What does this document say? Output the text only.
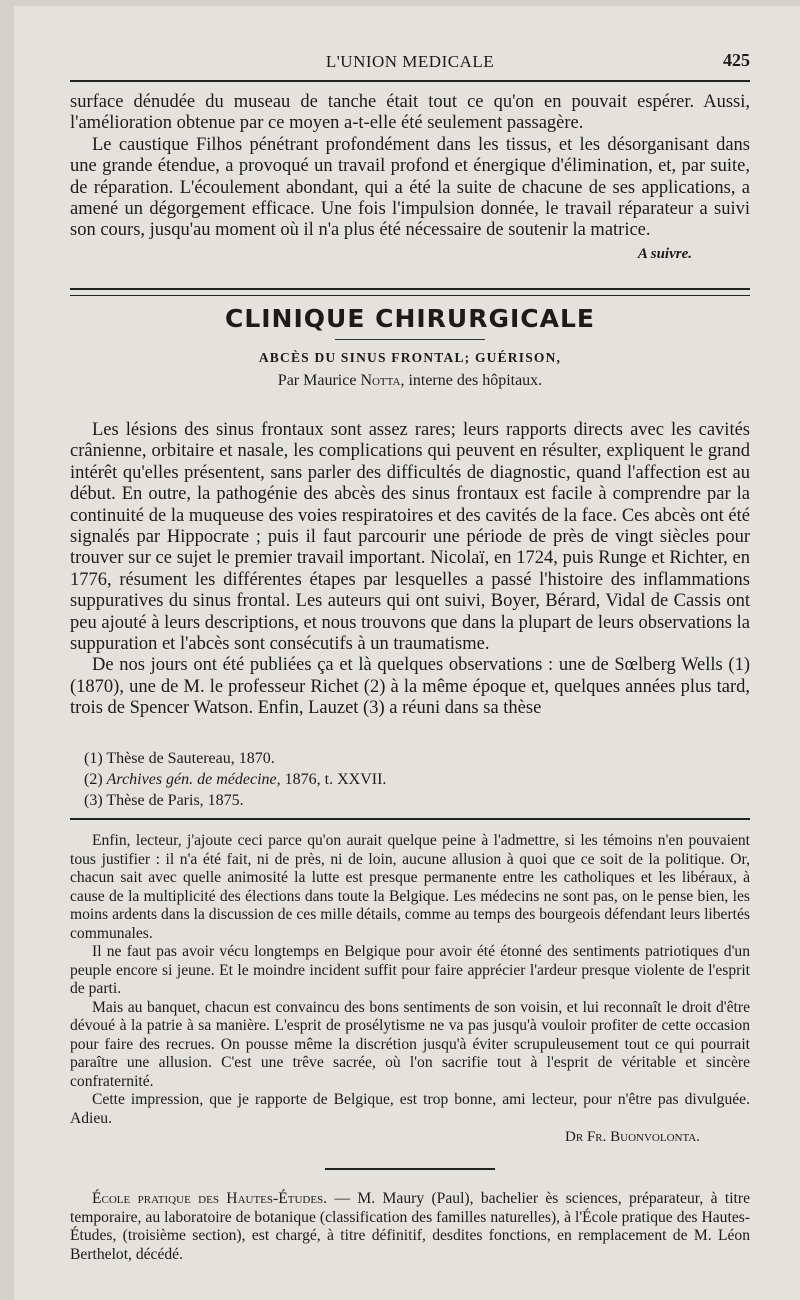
L'UNION MEDICALE	425

surface dénudée du museau de tanche était tout ce qu'on en pouvait espérer. Aussi, l'amélioration obtenue par ce moyen a-t-elle été seulement passagère.

Le caustique Filhos pénétrant profondément dans les tissus, et les désorganisant dans une grande étendue, a provoqué un travail profond et énergique d'élimination, et, par suite, de réparation. L'écoulement abondant, qui a été la suite de chacune de ses applications, a amené un dégorgement efficace. Une fois l'impulsion donnée, le travail réparateur a suivi son cours, jusqu'au moment où il n'a plus été nécessaire de soutenir la matrice.

A suivre.
CLINIQUE CHIRURGICALE
ABCÈS DU SINUS FRONTAL; GUÉRISON,
Par Maurice Notta, interne des hôpitaux.

Les lésions des sinus frontaux sont assez rares; leurs rapports directs avec les cavités crânienne, orbitaire et nasale, les complications qui peuvent en résulter, expliquent le grand intérêt qu'elles présentent, sans parler des difficultés de diagnostic, quand l'affection est au début. En outre, la pathogénie des abcès des sinus frontaux est facile à comprendre par la continuité de la muqueuse des voies respiratoires et des cavités de la face. Ces abcès ont été signalés par Hippocrate ; puis il faut parcourir une période de près de vingt siècles pour trouver sur ce sujet le premier travail important. Nicolaï, en 1724, puis Runge et Richter, en 1776, résument les différentes étapes par lesquelles a passé l'histoire des inflammations suppuratives du sinus frontal. Les auteurs qui ont suivi, Boyer, Bérard, Vidal de Cassis ont peu ajouté à leurs descriptions, et nous trouvons que dans la plupart de leurs observations la suppuration et l'abcès sont consécutifs à un traumatisme.

De nos jours ont été publiées ça et là quelques observations : une de Sœlberg Wells (1) (1870), une de M. le professeur Richet (2) à la même époque et, quelques années plus tard, trois de Spencer Watson. Enfin, Lauzet (3) a réuni dans sa thèse

(1) Thèse de Sautereau, 1870.
(2) Archives gén. de médecine, 1876, t. XXVII.
(3) Thèse de Paris, 1875.

Enfin, lecteur, j'ajoute ceci parce qu'on aurait quelque peine à l'admettre, si les témoins n'en pouvaient tous justifier : il n'a été fait, ni de près, ni de loin, aucune allusion à quoi que ce soit de la politique. Or, chacun sait avec quelle animosité la lutte est presque permanente entre les catholiques et les libéraux, à cause de la multiplicité des élections dans toute la Belgique. Les médecins ne sont pas, on le pense bien, les moins ardents dans la discussion de ces mille détails, comme au temps des bourgeois défendant leurs libertés communales.

Il ne faut pas avoir vécu longtemps en Belgique pour avoir été étonné des sentiments patriotiques d'un peuple encore si jeune. Et le moindre incident suffit pour faire apprécier l'ardeur presque violente de l'esprit de parti.

Mais au banquet, chacun est convaincu des bons sentiments de son voisin, et lui reconnaît le droit d'être dévoué à la patrie à sa manière. L'esprit de prosélytisme ne va pas jusqu'à vouloir profiter de cette occasion pour faire des recrues. On pousse même la discrétion jusqu'à éviter scrupuleusement tout ce qui pourrait paraître une allusion. C'est une trêve sacrée, où l'on sacrifie tout à l'esprit de véritable et sincère confraternité.

Cette impression, que je rapporte de Belgique, est trop bonne, ami lecteur, pour n'être pas divulguée. Adieu.

Dr Fr. Buonvolonta.

École pratique des Hautes-Études. — M. Maury (Paul), bachelier ès sciences, préparateur, à titre temporaire, au laboratoire de botanique (classification des familles naturelles), à l'École pratique des Hautes-Études, (troisième section), est chargé, à titre définitif, desdites fonctions, en remplacement de M. Léon Berthelot, décédé.
